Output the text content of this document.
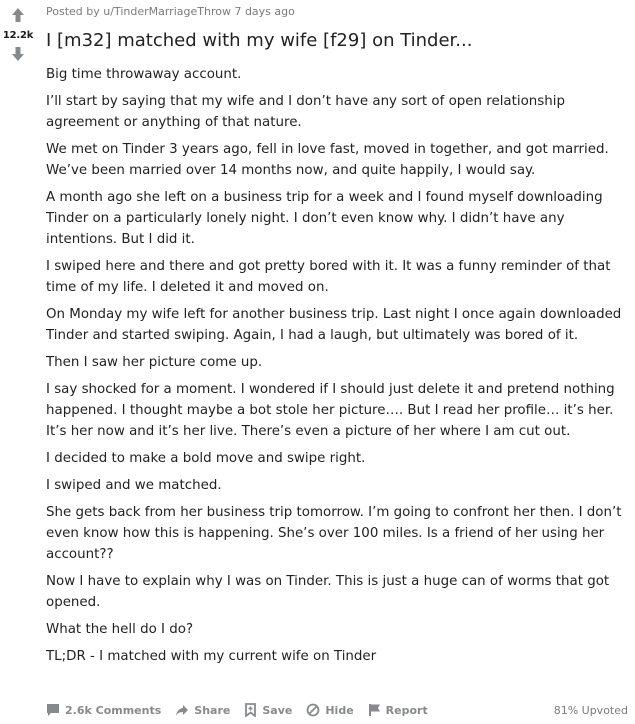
12.2k
Posted by u/TinderMarriageThrow 7 days ago
I [m32] matched with my wife [f29] on Tinder...

Big time throwaway account.

I’ll start by saying that my wife and I don’t have any sort of open relationship agreement or anything of that nature.

We met on Tinder 3 years ago, fell in love fast, moved in together, and got married. We’ve been married over 14 months now, and quite happily, I would say.

A month ago she left on a business trip for a week and I found myself downloading Tinder on a particularly lonely night. I don’t even know why. I didn’t have any intentions. But I did it.

I swiped here and there and got pretty bored with it. It was a funny reminder of that time of my life. I deleted it and moved on.

On Monday my wife left for another business trip. Last night I once again downloaded Tinder and started swiping. Again, I had a laugh, but ultimately was bored of it.

Then I saw her picture come up.

I say shocked for a moment. I wondered if I should just delete it and pretend nothing happened. I thought maybe a bot stole her picture…. But I read her profile… it’s her. It’s her now and it’s her live. There’s even a picture of her where I am cut out.

I decided to make a bold move and swipe right.

I swiped and we matched.

She gets back from her business trip tomorrow. I’m going to confront her then. I don’t even know how this is happening. She’s over 100 miles. Is a friend of her using her account??

Now I have to explain why I was on Tinder. This is just a huge can of worms that got opened.

What the hell do I do?

TL;DR - I matched with my current wife on Tinder

2.6k Comments	Share	Save	Hide	Report	81% Upvoted
